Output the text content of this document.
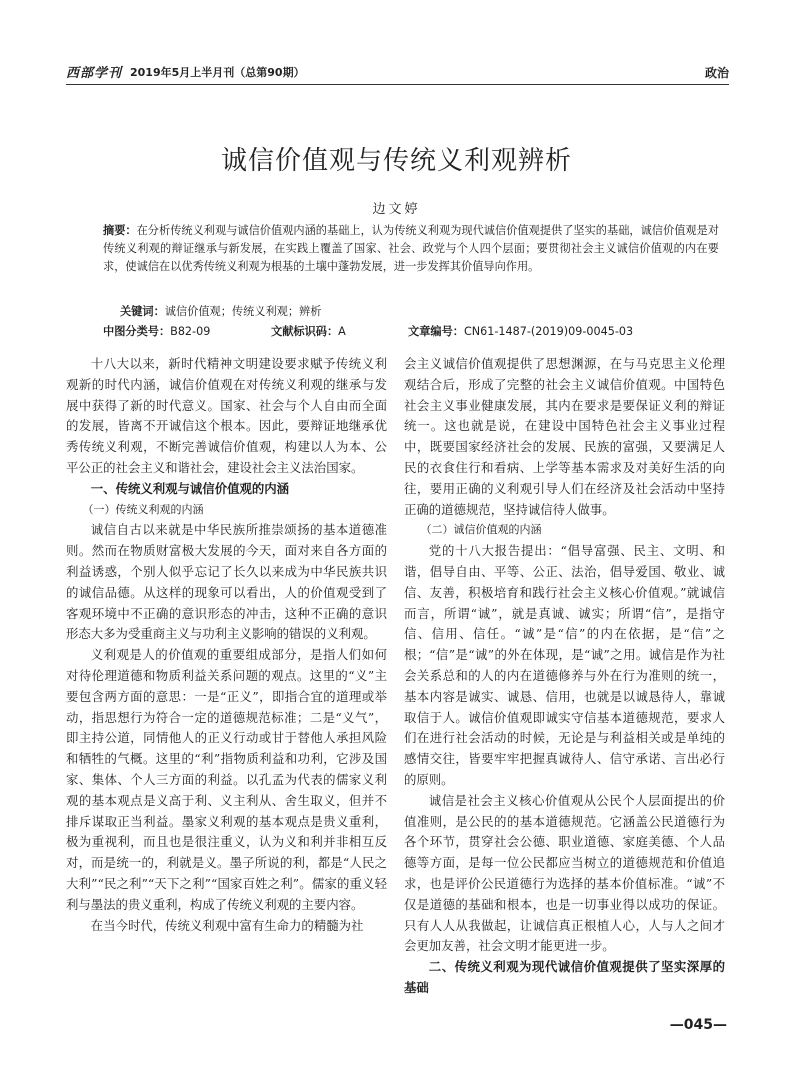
西部学刊 2019年5月上半月刊（总第90期）	政治
诚信价值观与传统义利观辨析
边文婷
摘要：在分析传统义利观与诚信价值观内涵的基础上，认为传统义利观为现代诚信价值观提供了坚实的基础，诚信价值观是对传统义利观的辩证继承与新发展，在实践上覆盖了国家、社会、政党与个人四个层面；要贯彻社会主义诚信价值观的内在要求，使诚信在以优秀传统义利观为根基的土壤中蓬勃发展，进一步发挥其价值导向作用。
关键词：诚信价值观；传统义利观；辨析
中图分类号：B82-09	文献标识码：A	文章编号：CN61-1487-(2019)09-0045-03

十八大以来，新时代精神文明建设要求赋予传统义利观新的时代内涵，诚信价值观在对传统义利观的继承与发展中获得了新的时代意义。国家、社会与个人自由而全面的发展，皆离不开诚信这个根本。因此，要辩证地继承优秀传统义利观，不断完善诚信价值观，构建以人为本、公平公正的社会主义和谐社会，建设社会主义法治国家。

一、传统义利观与诚信价值观的内涵
（一）传统义利观的内涵

诚信自古以来就是中华民族所推崇颂扬的基本道德准则。然而在物质财富极大发展的今天，面对来自各方面的利益诱惑，个别人似乎忘记了长久以来成为中华民族共识的诚信品德。从这样的现象可以看出，人的价值观受到了客观环境中不正确的意识形态的冲击，这种不正确的意识形态大多为受重商主义与功利主义影响的错误的义利观。

义利观是人的价值观的重要组成部分，是指人们如何对待伦理道德和物质利益关系问题的观点。这里的“义”主要包含两方面的意思：一是“正义”，即指合宜的道理或举动，指思想行为符合一定的道德规范标准；二是“义气”，即主持公道，同情他人的正义行动或甘于替他人承担风险和牺牲的气概。这里的“利”指物质利益和功利，它涉及国家、集体、个人三方面的利益。以孔孟为代表的儒家义利观的基本观点是义高于利、义主利从、舍生取义，但并不排斥谋取正当利益。墨家义利观的基本观点是贵义重利，极为重视利，而且也是很注重义，认为义和利并非相互反对，而是统一的，利就是义。墨子所说的利，都是“人民之大利”“民之利”“天下之利”“国家百姓之利”。儒家的重义轻利与墨法的贵义重利，构成了传统义利观的主要内容。

在当今时代，传统义利观中富有生命力的精髓为社

会主义诚信价值观提供了思想渊源，在与马克思主义伦理观结合后，形成了完整的社会主义诚信价值观。中国特色社会主义事业健康发展，其内在要求是要保证义利的辩证统一。这也就是说，在建设中国特色社会主义事业过程中，既要国家经济社会的发展、民族的富强，又要满足人民的衣食住行和看病、上学等基本需求及对美好生活的向往，要用正确的义利观引导人们在经济及社会活动中坚持正确的道德规范，坚持诚信待人做事。

（二）诚信价值观的内涵

党的十八大报告提出：“倡导富强、民主、文明、和谐，倡导自由、平等、公正、法治，倡导爱国、敬业、诚信、友善，积极培育和践行社会主义核心价值观。”就诚信而言，所谓“诚”，就是真诚、诚实；所谓“信”，是指守信、信用、信任。“诚”是“信”的内在依据，是“信”之根；“信”是“诚”的外在体现，是“诚”之用。诚信是作为社会关系总和的人的内在道德修养与外在行为准则的统一，基本内容是诚实、诚恳、信用，也就是以诚恳待人，靠诚取信于人。诚信价值观即诚实守信基本道德规范，要求人们在进行社会活动的时候，无论是与利益相关或是单纯的感情交往，皆要牢牢把握真诚待人、信守承诺、言出必行的原则。

诚信是社会主义核心价值观从公民个人层面提出的价值准则，是公民的的基本道德规范。它涵盖公民道德行为各个环节，贯穿社会公德、职业道德、家庭美德、个人品德等方面，是每一位公民都应当树立的道德规范和价值追求，也是评价公民道德行为选择的基本价值标准。“诚”不仅是道德的基础和根本，也是一切事业得以成功的保证。只有人人从我做起，让诚信真正根植人心，人与人之间才会更加友善，社会文明才能更进一步。

二、传统义利观为现代诚信价值观提供了坚实深厚的基础
—045—
